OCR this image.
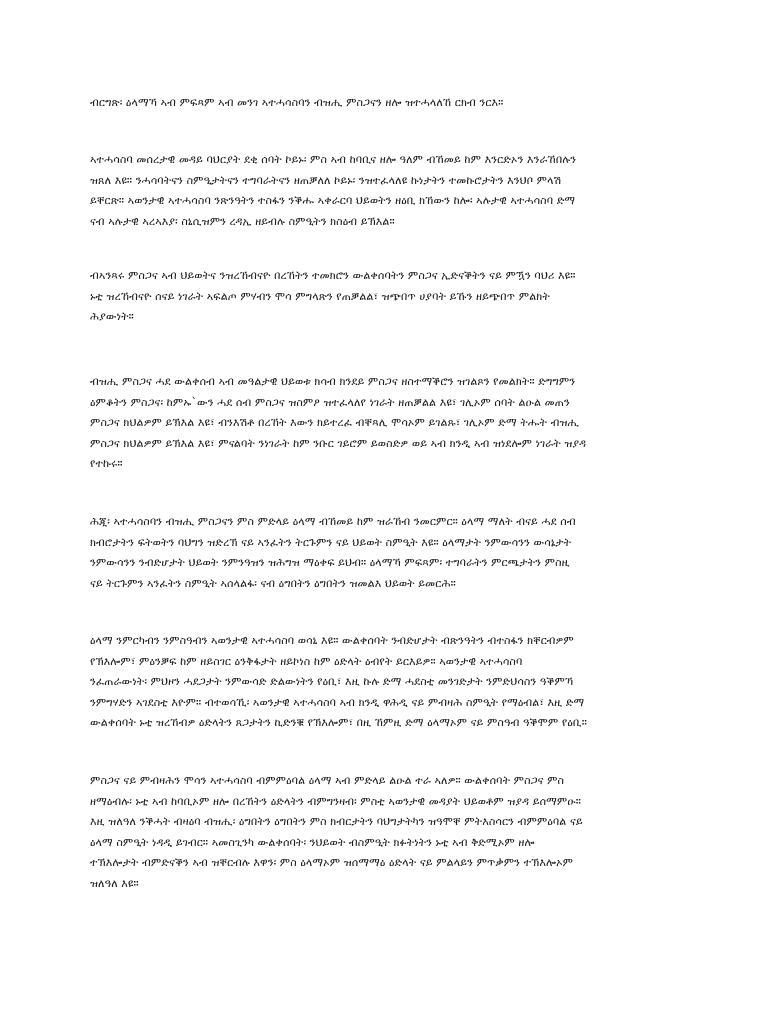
ብርግጽ፡ ዕላማኻ ኣብ ምፍጻም ኣብ መንገ ኣተሓሳስባን ብዝሒ ምስጋናን ዘሎ ዝተሓላለኸ ርክብ ንርእ።
ኣተሓሳስባ መሰረታዊ መዳይ ባህርያት ደቂ ሰባት ኮይኑ፡ ምስ ኣብ ከባቢና ዘሎ ዓለም ብኸመይ ከም እንርድኦን እንራኸበሉን
ዝጸለ እዩ። ንሓሳባትናን ስምዒታትናን ተግባራትናን ዘጠቓለለ ኮይኑ፡ ንዝተፈላለዩ ኩነታትን ተመኩሮታትን እንህቦ ምላሽ
ይቐርጽ። ኣወንታዊ ኣተሓሳስባ ንጽንዓትን ተስፋን ንቕሑ ኣቀራርባ ህይወትን ዘዕቢ ክኸውን ከሎ፡ ኣሉታዊ ኣተሓሳስባ ድማ
ናብ ኣሉታዊ ኣረኣእያ፡ ስኒሲዝምን ረዳኢ ዘይብሉ ስምዒትን ክስዕብ ይኽእል።
ብኣንጻሩ ምስጋና ኣብ ህይወትና ንዝረኸብናዮ በረኸትን ተመክሮን ውልቀሰባትን ምስጋና ኢድናቕትን ናይ ምዃን ባህሪ እዩ።
ኑቲ ዝረኸብናዮ ሰናይ ነገራት ኣፍልጦ ምሃብን ሞሳ ምግላጽን የጠቓልል፣ ዝጭበጥ ሀያባት ይኹን ዘይጭበጥ ምልክት
ሕያውነት።
ብዝሒ ምስጋና ሓደ ውልቀሰብ ኣብ መዓልታዊ ህይወቱ ክሳብ ክንደይ ምስጋና ዘስተማቕሮን ዝገልጾን የመልክት። ድግግምን
ዕምቆትን ምስጋና፡ ከምኡ`ውን ሓደ ሰብ ምስጋና ዝስምዖ ዝተፈላለየ ነገራት ዘጠቓልል እዩ፣ ገሊኦም ሰባት ልዑል መጠን
ምስጋና ክህልዎም ይኽእል እዩ፣ ብንእሽቶ በረኸት እውን ክይተረፈ ብቐጻሊ ሞሳኦም ይገልጹ፣ ገሊኦም ድማ ትሑት ብዝሒ
ምስጋና ክህልዎም ይኽእል እዩ፣ ምናልባት ንነገራት ከም ንቡር ገይሮም ይወስድዎ ወይ ኣብ ክንዲ ኣብ ዝነደሎም ነገራት ዝያዳ
የተኩሩ።
ሕጂ፡ ኣተሓሳስባን ብዝሒ ምስጋናን ምስ ምድላይ ዕላማ ብኸመይ ከም ዝራኸብ ንመርምር። ዕላማ ማለት ብናይ ሓደ ሰብ
ክብሮታትን ፍትወትን ባህግን ዝድረኽ ናይ ኣንፈትን ትርጉምን ናይ ህይወት ስምዒት እዩ። ዕላማታት ንምውሳንን ውሳኔታት
ንምውሳንን ንብድሆታት ህይወት ንምንዓዝን ዝሕግዝ ማዕቀፍ ይህብ። ዕላማኻ ምፍጻም፡ ተግባራትን ምርጫታትን ምስዚ
ናይ ትርጉምን ኣንፈትን ስምዒት ኣሰላልፋ፡ ናብ ዕግበትን ዕግበትን ዝመልእ ህይወት ይመርሕ።
ዕላማ ንምርካብን ንምስዓብን ኣወንታዊ ኣተሓሳስባ ወሳኒ እዩ። ውልቀሰባት ንብድሆታት ብጽንዓትን ብተስፋን ክቐርብዎም
የኽእሎም፣ ምዕንቓፍ ከም ዘይስገር ዕንቅፋታት ዘይኮነስ ከም ዕድላት ዕብየት ይርእይዎ። ኣወንታዊ ኣተሓሳስባ
ንፈጠራውነት፡ ምህዞን ሓደጋታት ንምውሳድ ድልውነትን የዕቢ፣ እዚ ኩሉ ድማ ሓደስቲ መንገድታት ንምድህሳስን ዓቕምኻ
ንምግሃድን ኣገደስቲ እዮም። ብተወሳኺ፡ ኣወንታዊ ኣተሓሳስባ ኣብ ክንዲ ዋሕዲ ናይ ምብዛሕ ስምዒት የማዕብል፣ እዚ ድማ
ውልቀሰባት ኑቲ ዝረኸብዎ ዕድላትን ጸጋታትን ኪድንቑ የኽእሎም፣ በዚ ኸምዚ ድማ ዕላማኦም ናይ ምስዓብ ዓቕሞም የዕቢ።
ምስጋና ናይ ምብዛሕን ሞሳን ኣተሓሳስባ ብምምዕባል ዕላማ ኣብ ምድላይ ልዑል ተራ ኣለዎ። ውልቀሰባት ምስጋና ምስ
ዘማዕብሉ፡ ኑቲ ኣብ ከባቢኦም ዘሎ በረኸትን ዕድላትን ብምግንዛብ፡ ምስቲ ኣወንታዊ መዳያት ህይወቶም ዝያዳ ይሰማምዑ።
እዚ ዝለዓለ ንቕሓት ብዛዕባ ብዝሒ፡ ዕግበትን ዕግበትን ምስ ክብርታትን ባህግታትካን ዝዓሞቐ ምትእስሳርን ብምምዕባል ናይ
ዕላማ ስምዒት ነዳዲ ይገብር። ኣመስጊንካ ውልቀሰባት፡ ንህይወት ብስምዒት ክፉትነትን ኑቲ ኣብ ቅድሚኦም ዘሎ
ተኽእሎታት ብምድናቕን ኣብ ዝቐርብሉ እዋን፡ ምስ ዕላማኦም ዝሰማማዕ ዕድላት ናይ ምልላይን ምጥቃምን ተኽእሎኦም
ዝለዓለ እዩ።
